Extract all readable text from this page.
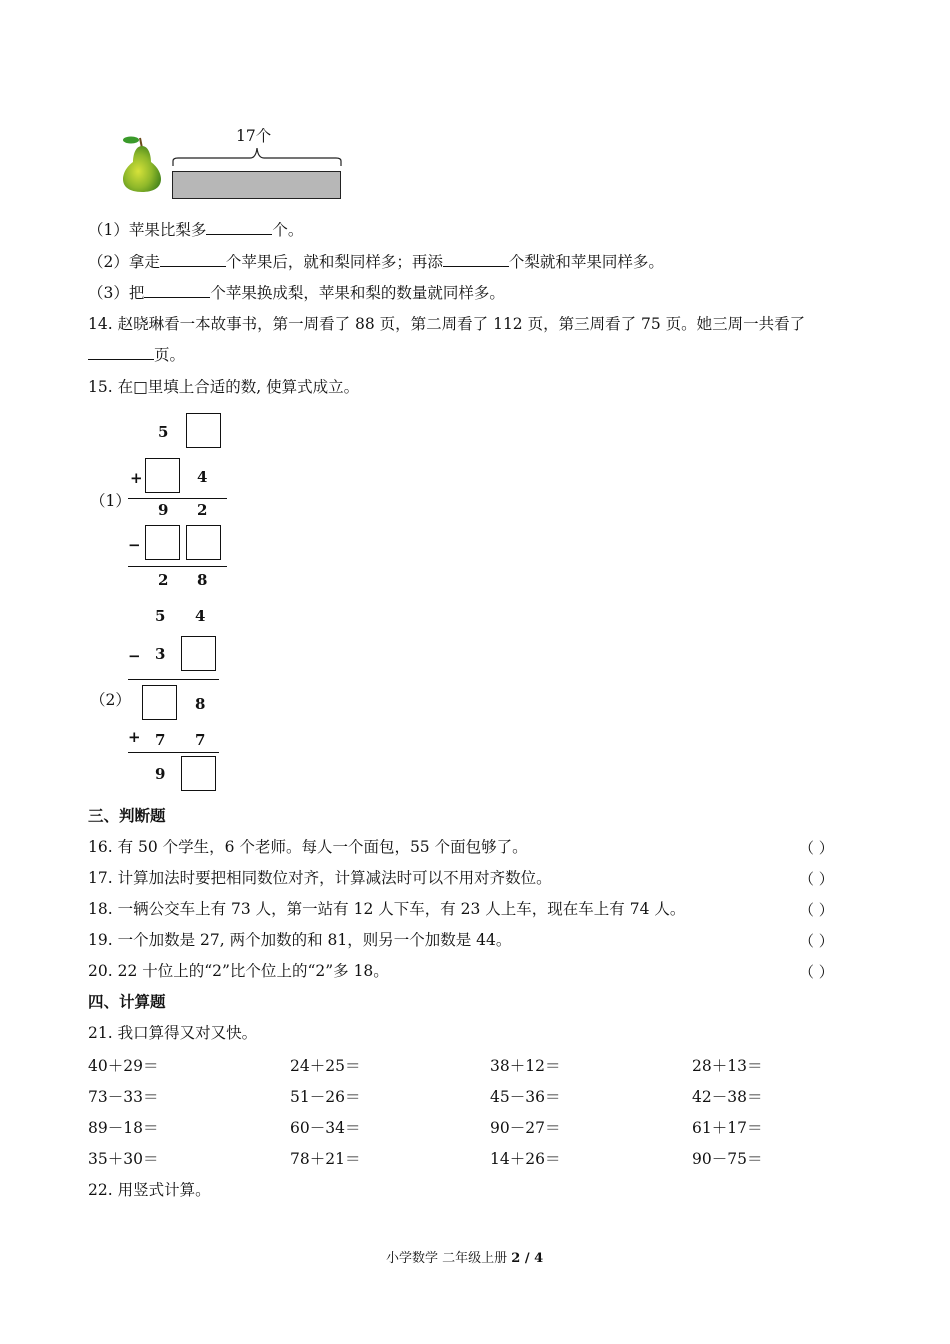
17个
（1）苹果比梨多	个。
（2）拿走	个苹果后，就和梨同样多；再添	个梨就和苹果同样多。
（3）把	个苹果换成梨，苹果和梨的数量就同样多。
14. 赵晓琳看一本故事书，第一周看了 88 页，第二周看了 112 页，第三周看了 75 页。她三周一共看了
页。
15. 在□里填上合适的数, 使算式成立。
（1）
5
+	4
9 2
−
2 8
（2）
5 4
− 3
8
+ 7 7
9
三、判断题
16. 有 50 个学生，6 个老师。每人一个面包，55 个面包够了。	（ ）
17. 计算加法时要把相同数位对齐，计算减法时可以不用对齐数位。	（ ）
18. 一辆公交车上有 73 人，第一站有 12 人下车，有 23 人上车，现在车上有 74 人。	（ ）
19. 一个加数是 27, 两个加数的和 81，则另一个加数是 44。	（ ）
20. 22 十位上的“2”比个位上的“2”多 18。	（ ）
四、计算题
21. 我口算得又对又快。
40＋29＝	24＋25＝	38＋12＝	28＋13＝
73－33＝	51－26＝	45－36＝	42－38＝
89－18＝	60－34＝	90－27＝	61＋17＝
35＋30＝	78＋21＝	14＋26＝	90－75＝
22. 用竖式计算。
小学数学 二年级上册 2 / 4
